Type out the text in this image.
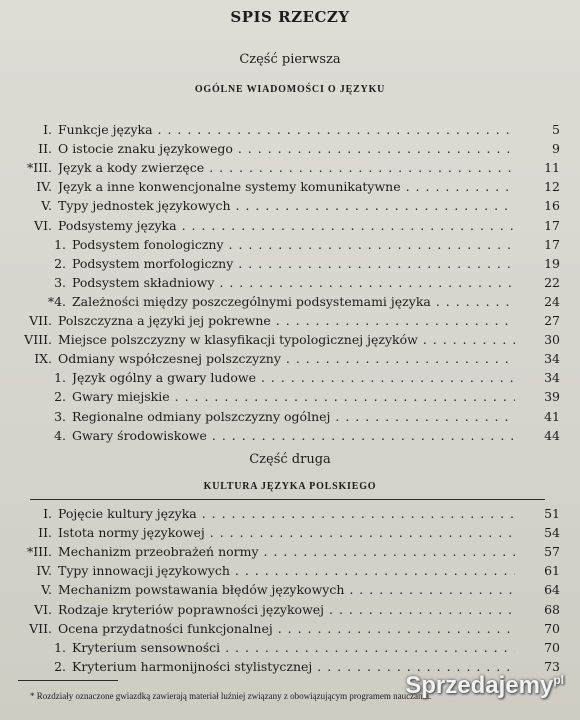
SPIS RZECZY
Część pierwsza
OGÓLNE WIADOMOŚCI O JĘZYKU
I. Funkcje języka . . .	5
II. O istocie znaku językowego . . .	9
*III. Język a kody zwierzęce . . .	11
IV. Język a inne konwencjonalne systemy komunikatywne . . .	12
V. Typy jednostek językowych . . .	16
VI. Podsystemy języka . . .	17
1. Podsystem fonologiczny . . .	17
2. Podsystem morfologiczny . . .	19
3. Podsystem składniowy . . .	22
*4. Zależności między poszczególnymi podsystemami języka . . .	24
VII. Polszczyzna a języki jej pokrewne . . .	27
VIII. Miejsce polszczyzny w klasyfikacji typologicznej języków . . .	30
IX. Odmiany współczesnej polszczyzny . . .	34
1. Język ogólny a gwary ludowe . . .	34
2. Gwary miejskie . . .	39
3. Regionalne odmiany polszczyzny ogólnej . . .	41
4. Gwary środowiskowe . . .	44
Część druga
KULTURA JĘZYKA POLSKIEGO
I. Pojęcie kultury języka . . .	51
II. Istota normy językowej . . .	54
*III. Mechanizm przeobrażeń normy . . .	57
IV. Typy innowacji językowych . . .	61
V. Mechanizm powstawania błędów językowych . . .	64
VI. Rodzaje kryteriów poprawności językowej . . .	68
VII. Ocena przydatności funkcjonalnej . . .	70
1. Kryterium sensowności . . .	70
2. Kryterium harmonijności stylistycznej . . .	73
* Rozdziały oznaczone gwiazdką zawierają materiał luźniej związany z obowiązującym programem nauczania.
Sprzedajemy$^{pl}$
